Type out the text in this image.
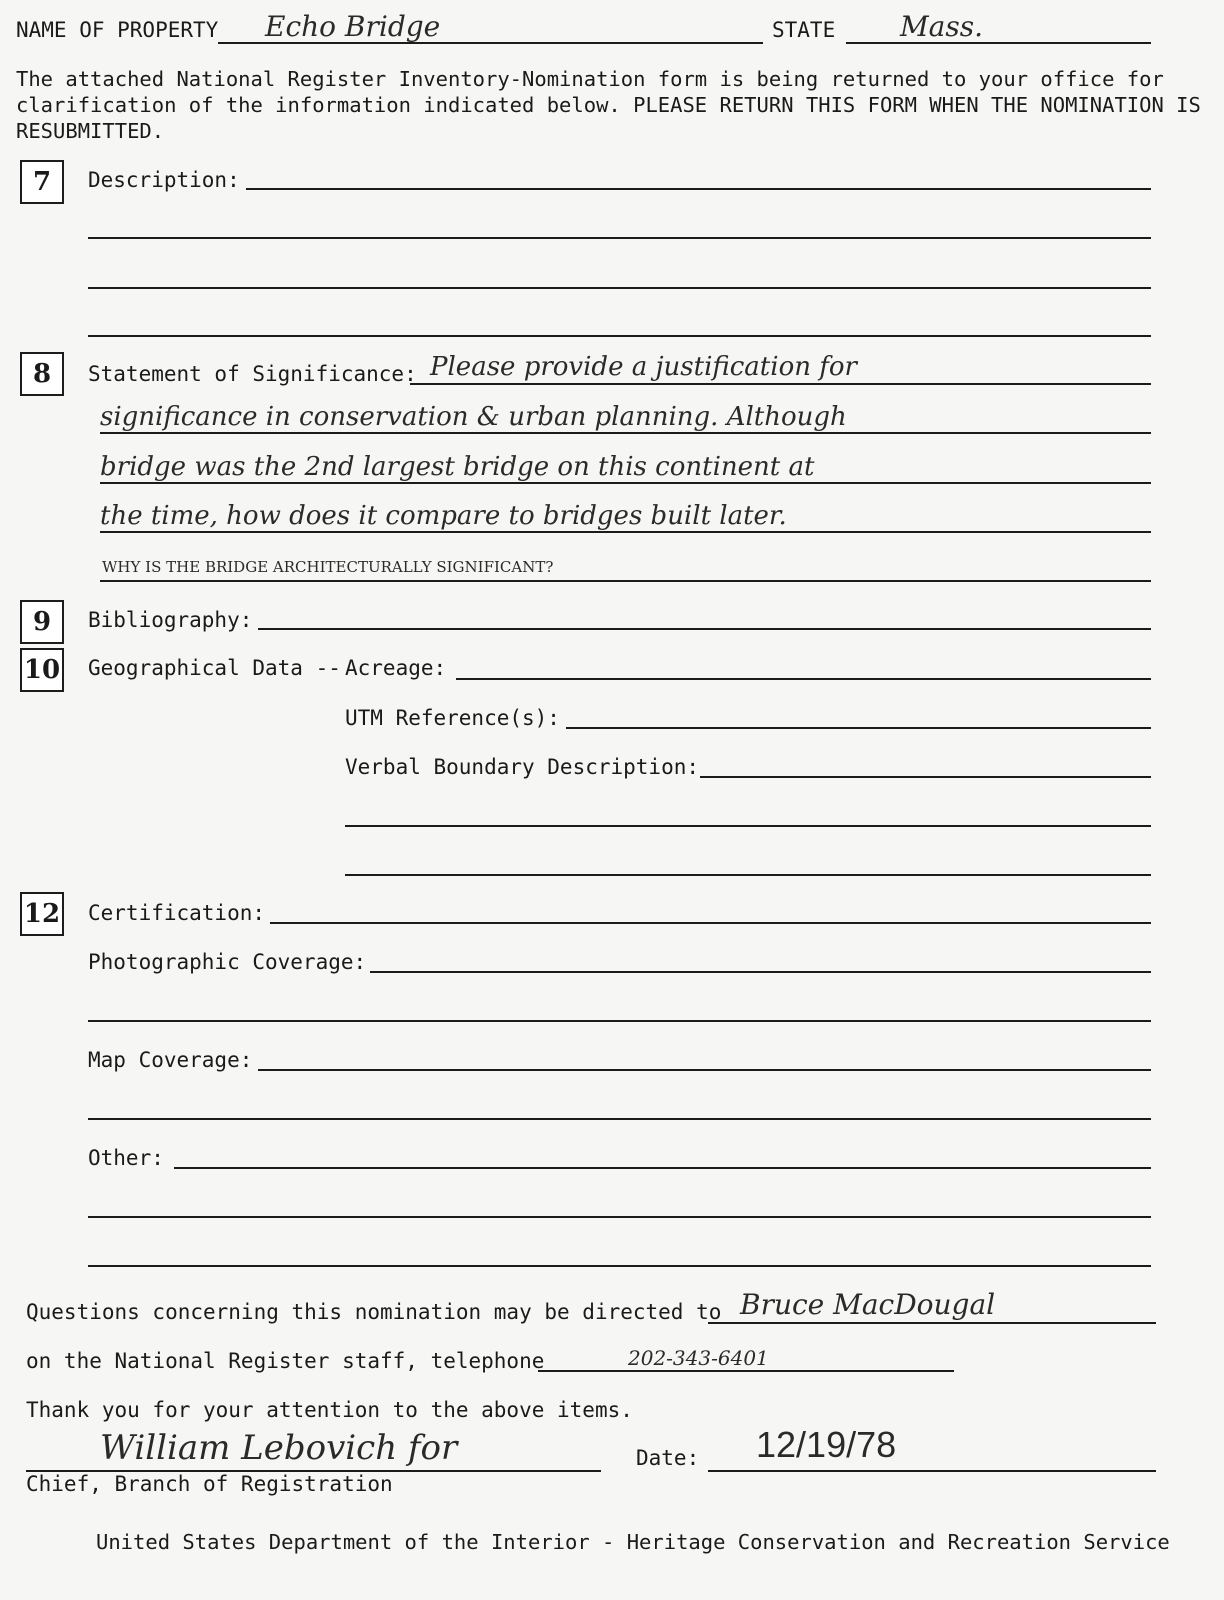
NAME OF PROPERTY Echo Bridge	STATE Mass.
The attached National Register Inventory-Nomination form is being returned to your office for clarification of the information indicated below. PLEASE RETURN THIS FORM WHEN THE NOMINATION IS RESUBMITTED.
7	Description:
8	Statement of Significance: Please provide a justification for
significance in conservation & urban planning. Although
bridge was the 2nd largest bridge on this continent at
the time, how does it compare to bridges built later.
WHY IS THE BRIDGE ARCHITECTURALLY SIGNIFICANT?
9	Bibliography:
10 Geographical Data -- Acreage:
UTM Reference(s):
Verbal Boundary Description:
12 Certification:
Photographic Coverage:
Map Coverage:
Other:
Questions concerning this nomination may be directed to Bruce MacDougal
on the National Register staff, telephone	202-343-6401
Thank you for your attention to the above items.
William Lebovich for
Chief, Branch of Registration
Date: 12/19/78
United States Department of the Interior - Heritage Conservation and Recreation Service
